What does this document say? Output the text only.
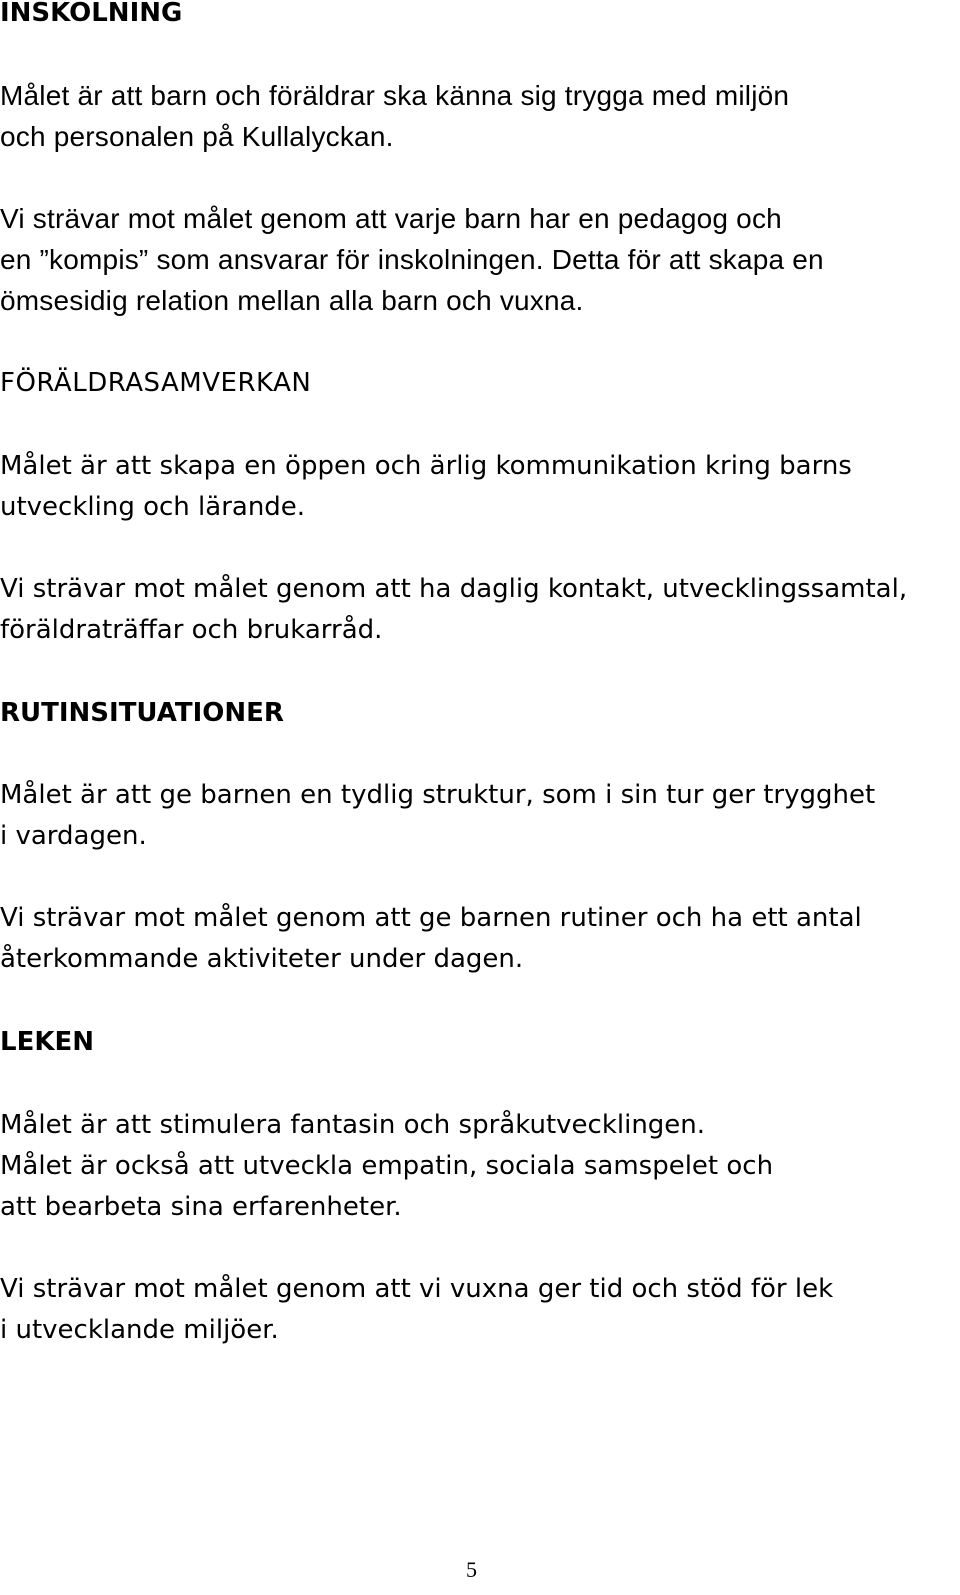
INSKOLNING
Målet är att barn och föräldrar ska känna sig trygga med miljön
och personalen på Kullalyckan.
Vi strävar mot målet genom att varje barn har en pedagog och
en ”kompis” som ansvarar för inskolningen. Detta för att skapa en
ömsesidig relation mellan alla barn och vuxna.
FÖRÄLDRASAMVERKAN
Målet är att skapa en öppen och ärlig kommunikation kring barns
utveckling och lärande.
Vi strävar mot målet genom att ha daglig kontakt, utvecklingssamtal,
föräldraträffar och brukarråd.
RUTINSITUATIONER
Målet är att ge barnen en tydlig struktur, som i sin tur ger trygghet
i vardagen.
Vi strävar mot målet genom att ge barnen rutiner och ha ett antal
återkommande aktiviteter under dagen.
LEKEN
Målet är att stimulera fantasin och språkutvecklingen.
Målet är också att utveckla empatin, sociala samspelet och
att bearbeta sina erfarenheter.
Vi strävar mot målet genom att vi vuxna ger tid och stöd för lek
i utvecklande miljöer.
5
